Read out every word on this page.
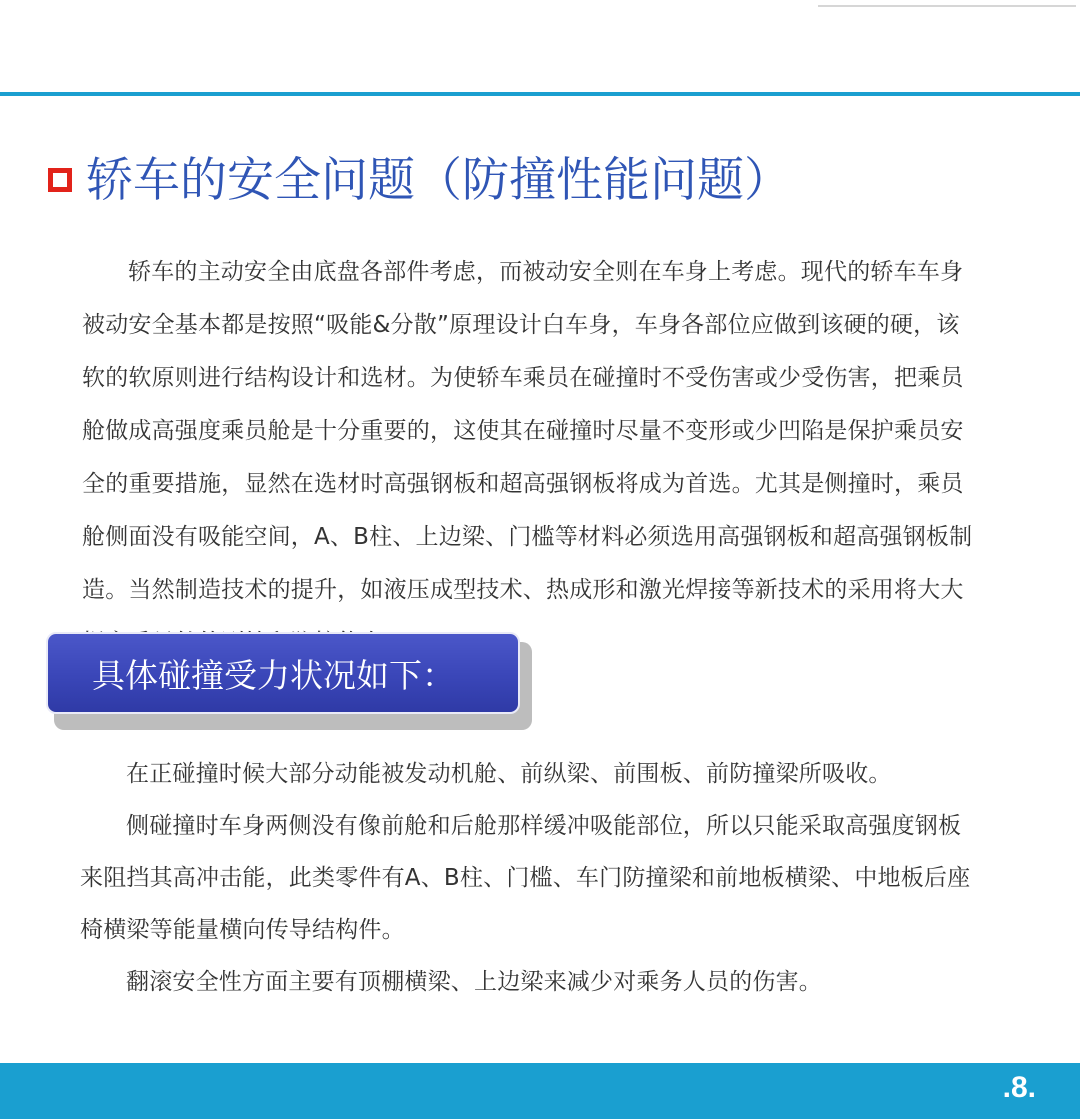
轿车的安全问题（防撞性能问题）

轿车的主动安全由底盘各部件考虑，而被动安全则在车身上考虑。现代的轿车车身被动安全基本都是按照“吸能&分散”原理设计白车身，车身各部位应做到该硬的硬，该软的软原则进行结构设计和选材。为使轿车乘员在碰撞时不受伤害或少受伤害，把乘员舱做成高强度乘员舱是十分重要的，这使其在碰撞时尽量不变形或少凹陷是保护乘员安全的重要措施，显然在选材时高强钢板和超高强钢板将成为首选。尤其是侧撞时，乘员舱侧面没有吸能空间，A、B柱、上边梁、门槛等材料必须选用高强钢板和超高强钢板制造。当然制造技术的提升，如液压成型技术、热成形和激光焊接等新技术的采用将大大

具体碰撞受力状况如下：

在正碰撞时候大部分动能被发动机舱、前纵梁、前围板、前防撞梁所吸收。

侧碰撞时车身两侧没有像前舱和后舱那样缓冲吸能部位，所以只能采取高强度钢板来阻挡其高冲击能，此类零件有A、B柱、门槛、车门防撞梁和前地板横梁、中地板后座椅横梁等能量横向传导结构件。

翻滚安全性方面主要有顶棚横梁、上边梁来减少对乘务人员的伤害。

.8.
